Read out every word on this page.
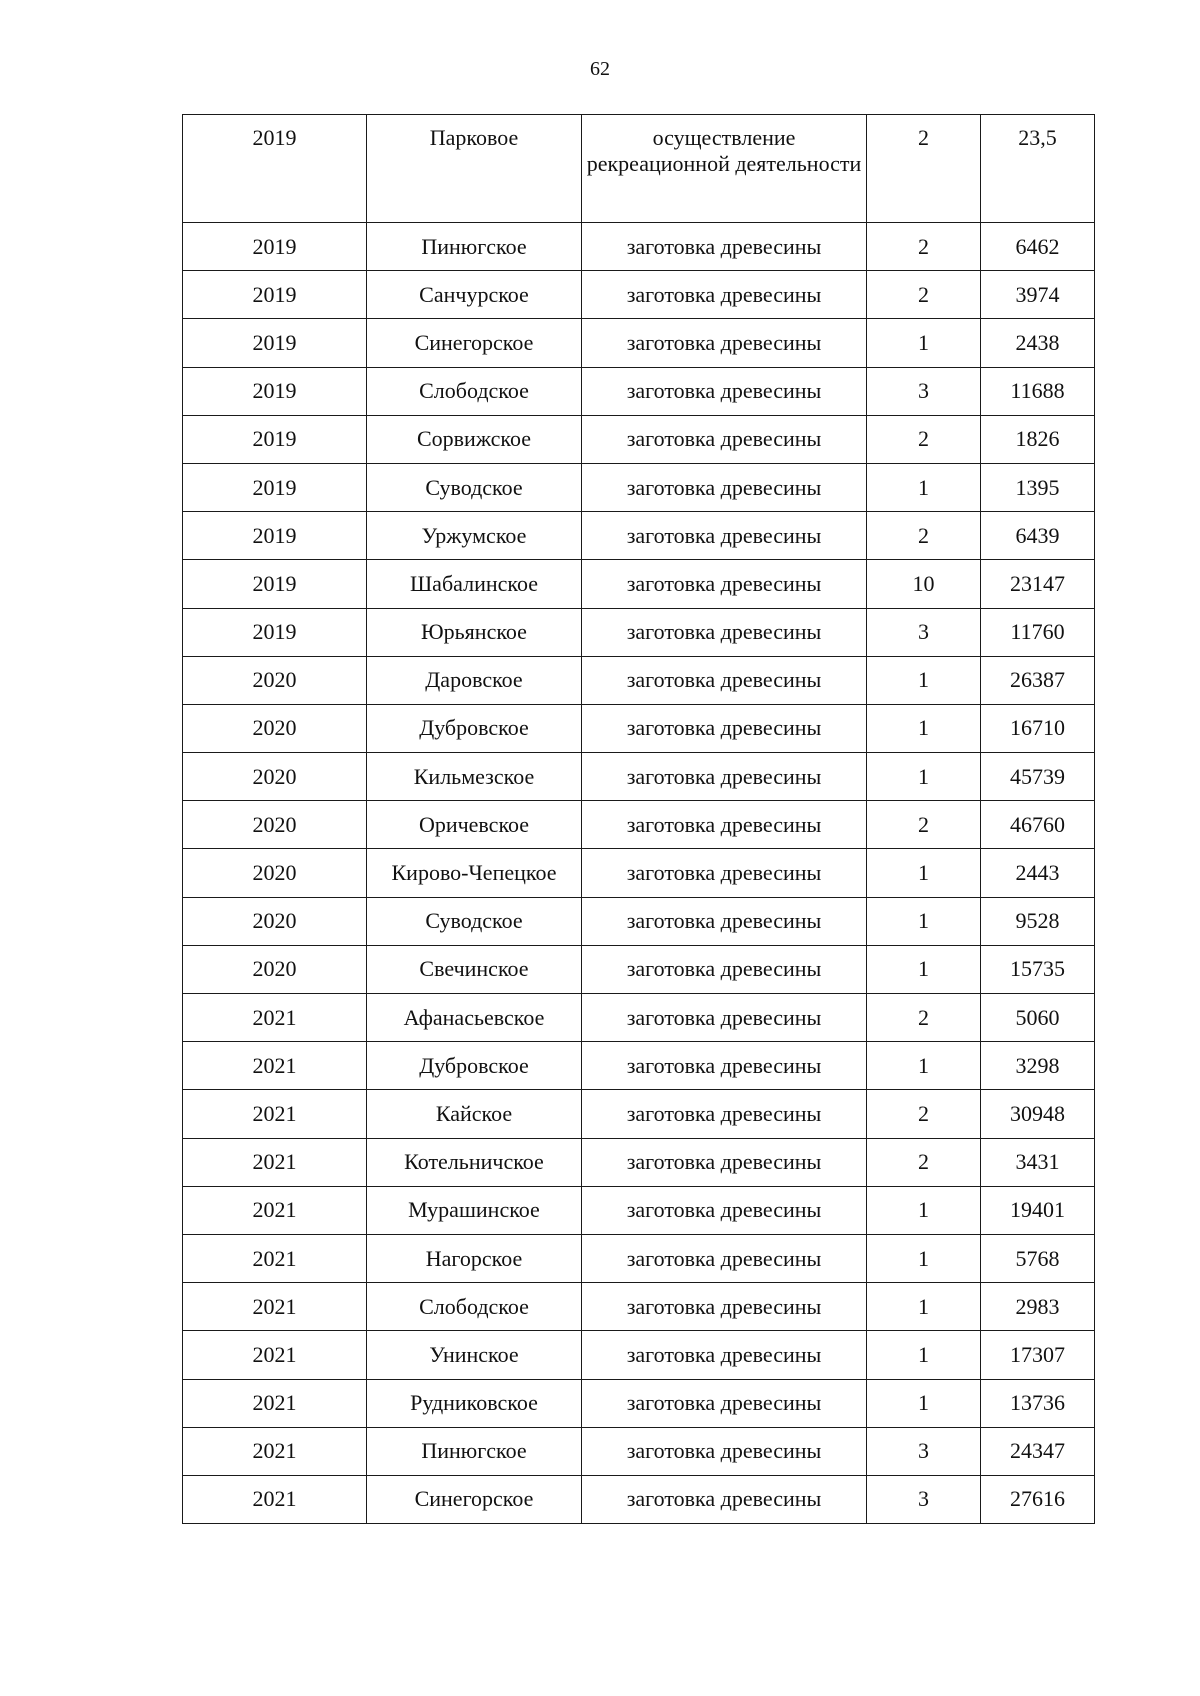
62
2019	Парковое	осуществление рекреационной деятельности	2	23,5
2019	Пинюгское	заготовка древесины	2	6462
2019	Санчурское	заготовка древесины	2	3974
2019	Синегорское	заготовка древесины	1	2438
2019	Слободское	заготовка древесины	3	11688
2019	Сорвижское	заготовка древесины	2	1826
2019	Суводское	заготовка древесины	1	1395
2019	Уржумское	заготовка древесины	2	6439
2019	Шабалинское	заготовка древесины	10	23147
2019	Юрьянское	заготовка древесины	3	11760
2020	Даровское	заготовка древесины	1	26387
2020	Дубровское	заготовка древесины	1	16710
2020	Кильмезское	заготовка древесины	1	45739
2020	Оричевское	заготовка древесины	2	46760
2020	Кирово-Чепецкое	заготовка древесины	1	2443
2020	Суводское	заготовка древесины	1	9528
2020	Свечинское	заготовка древесины	1	15735
2021	Афанасьевское	заготовка древесины	2	5060
2021	Дубровское	заготовка древесины	1	3298
2021	Кайское	заготовка древесины	2	30948
2021	Котельничское	заготовка древесины	2	3431
2021	Мурашинское	заготовка древесины	1	19401
2021	Нагорское	заготовка древесины	1	5768
2021	Слободское	заготовка древесины	1	2983
2021	Унинское	заготовка древесины	1	17307
2021	Рудниковское	заготовка древесины	1	13736
2021	Пинюгское	заготовка древесины	3	24347
2021	Синегорское	заготовка древесины	3	27616
